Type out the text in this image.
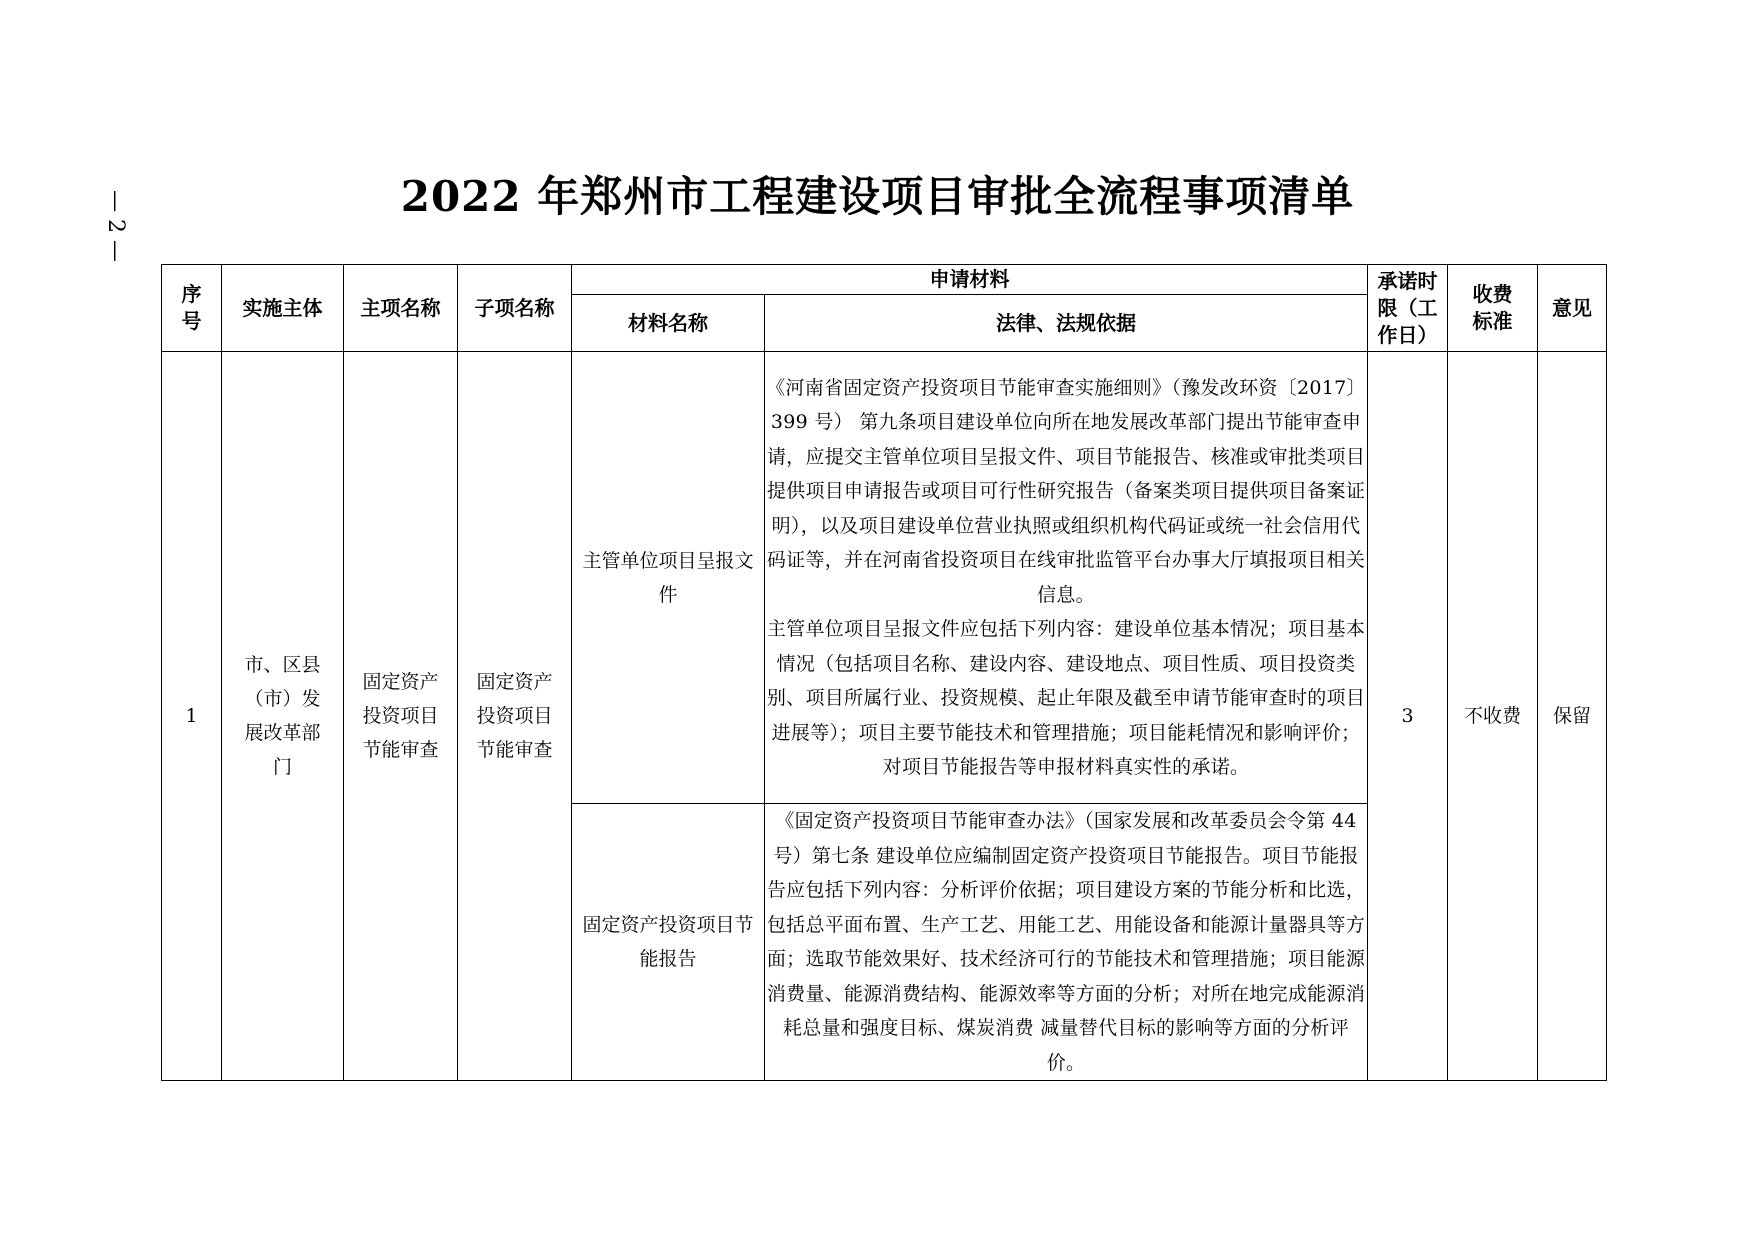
— 2 —	2022 年郑州市工程建设项目审批全流程事项清单
序号	实施主体	主项名称	子项名称	申请材料		承诺时限（工作日）	收费标准	意见
				材料名称	法律、法规依据			
1	市、区县（市）发展改革部门	固定资产投资项目节能审查	固定资产投资项目节能审查	主管单位项目呈报文件	《河南省固定资产投资项目节能审查实施细则》（豫发改环资〔2017〕399 号） 第九条项目建设单位向所在地发展改革部门提出节能审查申请，应提交主管单位项目呈报文件、项目节能报告、核准或审批类项目提供项目申请报告或项目可行性研究报告（备案类项目提供项目备案证明），以及项目建设单位营业执照或组织机构代码证或统一社会信用代码证等，并在河南省投资项目在线审批监管平台办事大厅填报项目相关信息。

主管单位项目呈报文件应包括下列内容：建设单位基本情况；项目基本情况（包括项目名称、建设内容、建设地点、项目性质、项目投资类别、项目所属行业、投资规模、起止年限及截至申请节能审查时的项目进展等）；项目主要节能技术和管理措施；项目能耗情况和影响评价；对项目节能报告等申报材料真实性的承诺。	3	不收费	保留
				固定资产投资项目节能报告	《固定资产投资项目节能审查办法》（国家发展和改革委员会令第 44 号）第七条 建设单位应编制固定资产投资项目节能报告。项目节能报告应包括下列内容：分析评价依据；项目建设方案的节能分析和比选，包括总平面布置、生产工艺、用能工艺、用能设备和能源计量器具等方面；选取节能效果好、技术经济可行的节能技术和管理措施；项目能源消费量、能源消费结构、能源效率等方面的分析；对所在地完成能源消耗总量和强度目标、煤炭消费 减量替代目标的影响等方面的分析评价。			
